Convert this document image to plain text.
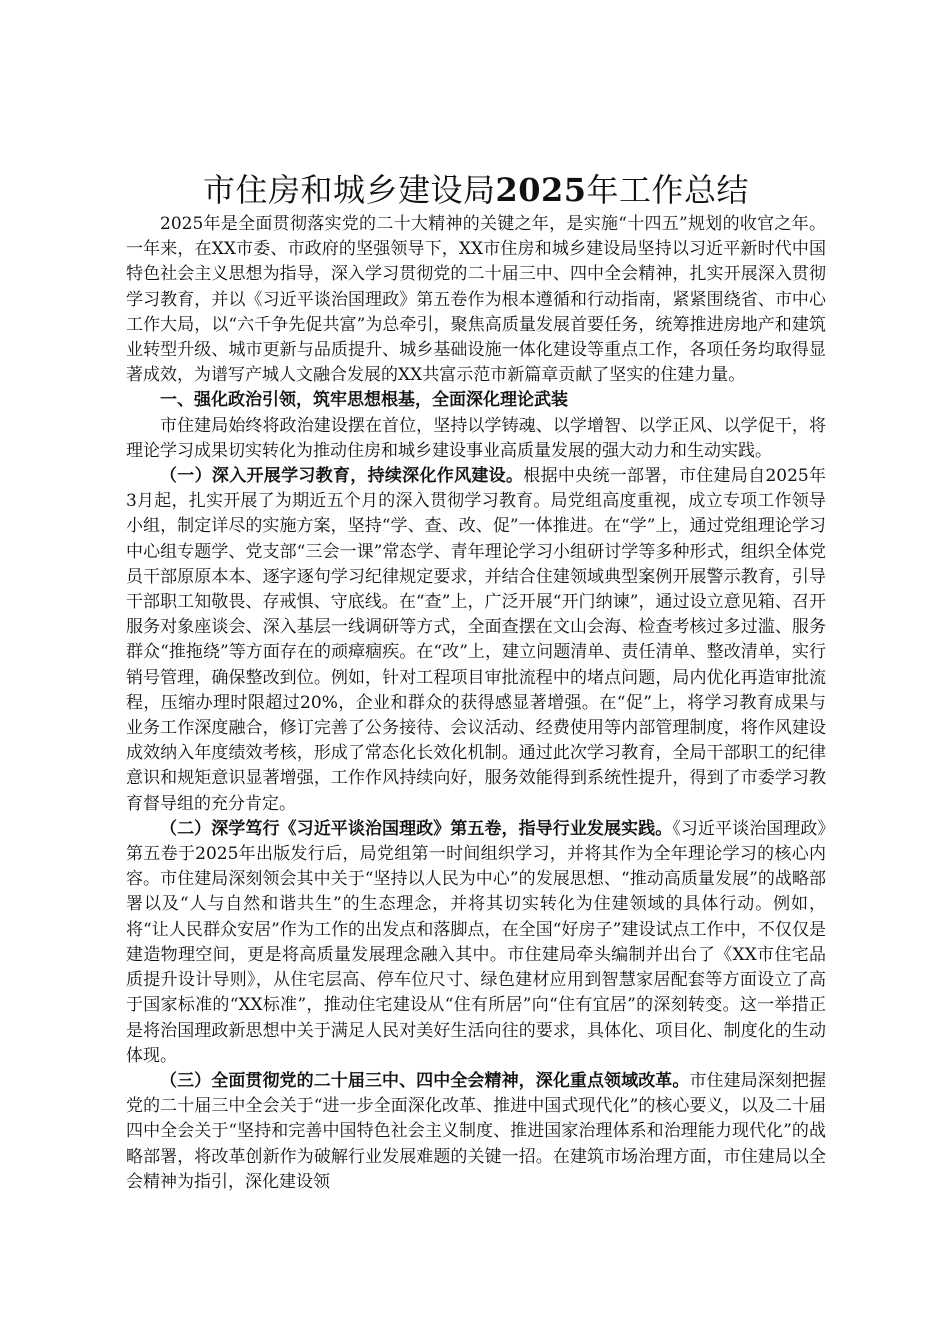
市住房和城乡建设局2025年工作总结

2025年是全面贯彻落实党的二十大精神的关键之年，是实施“十四五”规划的收官之年。一年来，在XX市委、市政府的坚强领导下，XX市住房和城乡建设局坚持以习近平新时代中国特色社会主义思想为指导，深入学习贯彻党的二十届三中、四中全会精神，扎实开展深入贯彻学习教育，并以《习近平谈治国理政》第五卷作为根本遵循和行动指南，紧紧围绕省、市中心工作大局，以“六千争先促共富”为总牵引，聚焦高质量发展首要任务，统筹推进房地产和建筑业转型升级、城市更新与品质提升、城乡基础设施一体化建设等重点工作，各项任务均取得显著成效，为谱写产城人文融合发展的XX共富示范市新篇章贡献了坚实的住建力量。

一、强化政治引领，筑牢思想根基，全面深化理论武装

市住建局始终将政治建设摆在首位，坚持以学铸魂、以学增智、以学正风、以学促干，将理论学习成果切实转化为推动住房和城乡建设事业高质量发展的强大动力和生动实践。

（一）深入开展学习教育，持续深化作风建设。根据中央统一部署，市住建局自2025年3月起，扎实开展了为期近五个月的深入贯彻学习教育。局党组高度重视，成立专项工作领导小组，制定详尽的实施方案，坚持“学、查、改、促”一体推进。在“学”上，通过党组理论学习中心组专题学、党支部“三会一课”常态学、青年理论学习小组研讨学等多种形式，组织全体党员干部原原本本、逐字逐句学习纪律规定要求，并结合住建领域典型案例开展警示教育，引导干部职工知敬畏、存戒惧、守底线。在“查”上，广泛开展“开门纳谏”，通过设立意见箱、召开服务对象座谈会、深入基层一线调研等方式，全面查摆在文山会海、检查考核过多过滥、服务群众“推拖绕”等方面存在的顽瘴痼疾。在“改”上，建立问题清单、责任清单、整改清单，实行销号管理，确保整改到位。例如，针对工程项目审批流程中的堵点问题，局内优化再造审批流程，压缩办理时限超过20%，企业和群众的获得感显著增强。在“促”上，将学习教育成果与业务工作深度融合，修订完善了公务接待、会议活动、经费使用等内部管理制度，将作风建设成效纳入年度绩效考核，形成了常态化长效化机制。通过此次学习教育，全局干部职工的纪律意识和规矩意识显著增强，工作作风持续向好，服务效能得到系统性提升，得到了市委学习教育督导组的充分肯定。

（二）深学笃行《习近平谈治国理政》第五卷，指导行业发展实践。《习近平谈治国理政》第五卷于2025年出版发行后，局党组第一时间组织学习，并将其作为全年理论学习的核心内容。市住建局深刻领会其中关于“坚持以人民为中心”的发展思想、“推动高质量发展”的战略部署以及“人与自然和谐共生”的生态理念，并将其切实转化为住建领域的具体行动。例如，将“让人民群众安居”作为工作的出发点和落脚点，在全国“好房子”建设试点工作中，不仅仅是建造物理空间，更是将高质量发展理念融入其中。市住建局牵头编制并出台了《XX市住宅品质提升设计导则》，从住宅层高、停车位尺寸、绿色建材应用到智慧家居配套等方面设立了高于国家标准的“XX标准”，推动住宅建设从“住有所居”向“住有宜居”的深刻转变。这一举措正是将治国理政新思想中关于满足人民对美好生活向往的要求，具体化、项目化、制度化的生动体现。

（三）全面贯彻党的二十届三中、四中全会精神，深化重点领域改革。市住建局深刻把握党的二十届三中全会关于“进一步全面深化改革、推进中国式现代化”的核心要义，以及二十届四中全会关于“坚持和完善中国特色社会主义制度、推进国家治理体系和治理能力现代化”的战略部署，将改革创新作为破解行业发展难题的关键一招。在建筑市场治理方面，市住建局以全会精神为指引，深化建设领
